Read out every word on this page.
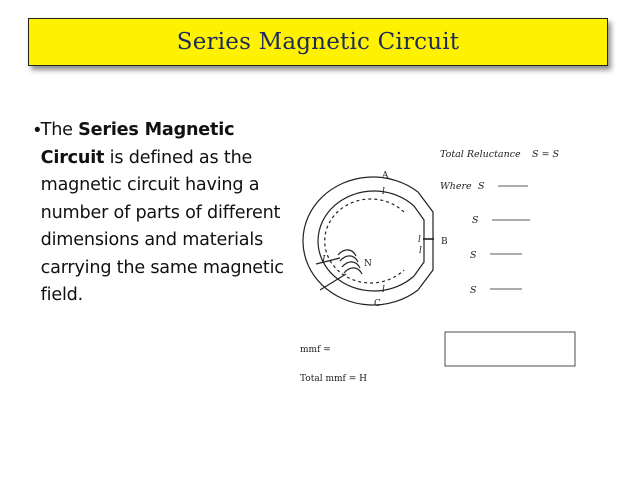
Series Magnetic Circuit
• The Series Magnetic Circuit is defined as the magnetic circuit having a number of parts of different dimensions and materials carrying the same magnetic field.
A
B
C
N
I
l
l
l
l
Total Reluctance S = S
Where S
S
S
S
mmf =
Total mmf = H
